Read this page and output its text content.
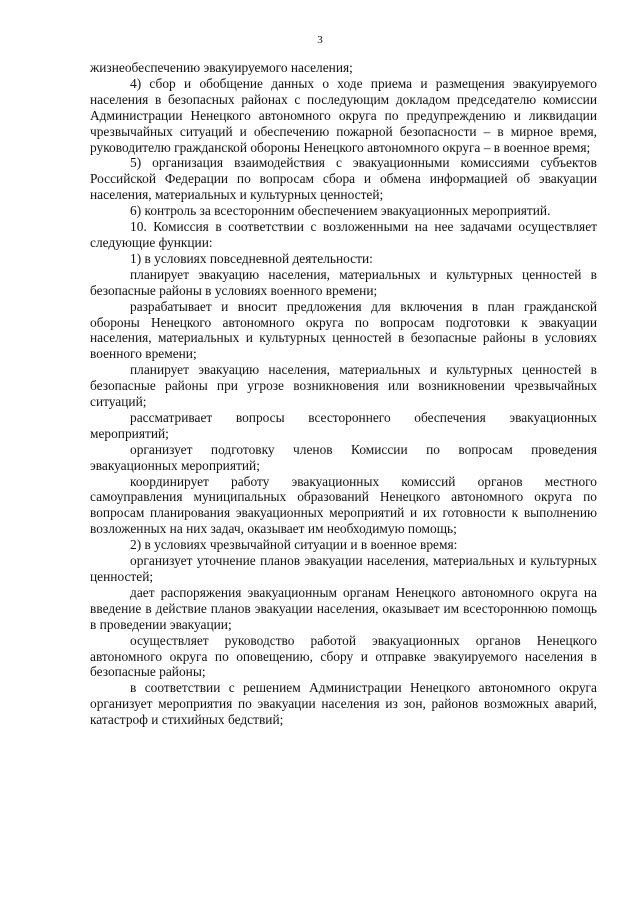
3

жизнеобеспечению эвакуируемого населения;

4) сбор и обобщение данных о ходе приема и размещения эвакуируемого населения в безопасных районах с последующим докладом председателю комиссии Администрации Ненецкого автономного округа по предупреждению и ликвидации чрезвычайных ситуаций и обеспечению пожарной безопасности – в мирное время, руководителю гражданской обороны Ненецкого автономного округа – в военное время;

5) организация взаимодействия с эвакуационными комиссиями субъектов Российской Федерации по вопросам сбора и обмена информацией об эвакуации населения, материальных и культурных ценностей;

6) контроль за всесторонним обеспечением эвакуационных мероприятий.

10. Комиссия в соответствии с возложенными на нее задачами осуществляет следующие функции:

1) в условиях повседневной деятельности:

планирует эвакуацию населения, материальных и культурных ценностей в безопасные районы в условиях военного времени;

разрабатывает и вносит предложения для включения в план гражданской обороны Ненецкого автономного округа по вопросам подготовки к эвакуации населения, материальных и культурных ценностей в безопасные районы в условиях военного времени;

планирует эвакуацию населения, материальных и культурных ценностей в безопасные районы при угрозе возникновения или возникновении чрезвычайных ситуаций;

рассматривает вопросы всестороннего обеспечения эвакуационных мероприятий;

организует подготовку членов Комиссии по вопросам проведения эвакуационных мероприятий;

координирует работу эвакуационных комиссий органов местного самоуправления муниципальных образований Ненецкого автономного округа по вопросам планирования эвакуационных мероприятий и их готовности к выполнению возложенных на них задач, оказывает им необходимую помощь;

2) в условиях чрезвычайной ситуации и в военное время:

организует уточнение планов эвакуации населения, материальных и культурных ценностей;

дает распоряжения эвакуационным органам Ненецкого автономного округа на введение в действие планов эвакуации населения, оказывает им всестороннюю помощь в проведении эвакуации;

осуществляет руководство работой эвакуационных органов Ненецкого автономного округа по оповещению, сбору и отправке эвакуируемого населения в безопасные районы;

в соответствии с решением Администрации Ненецкого автономного округа организует мероприятия по эвакуации населения из зон, районов возможных аварий, катастроф и стихийных бедствий;
